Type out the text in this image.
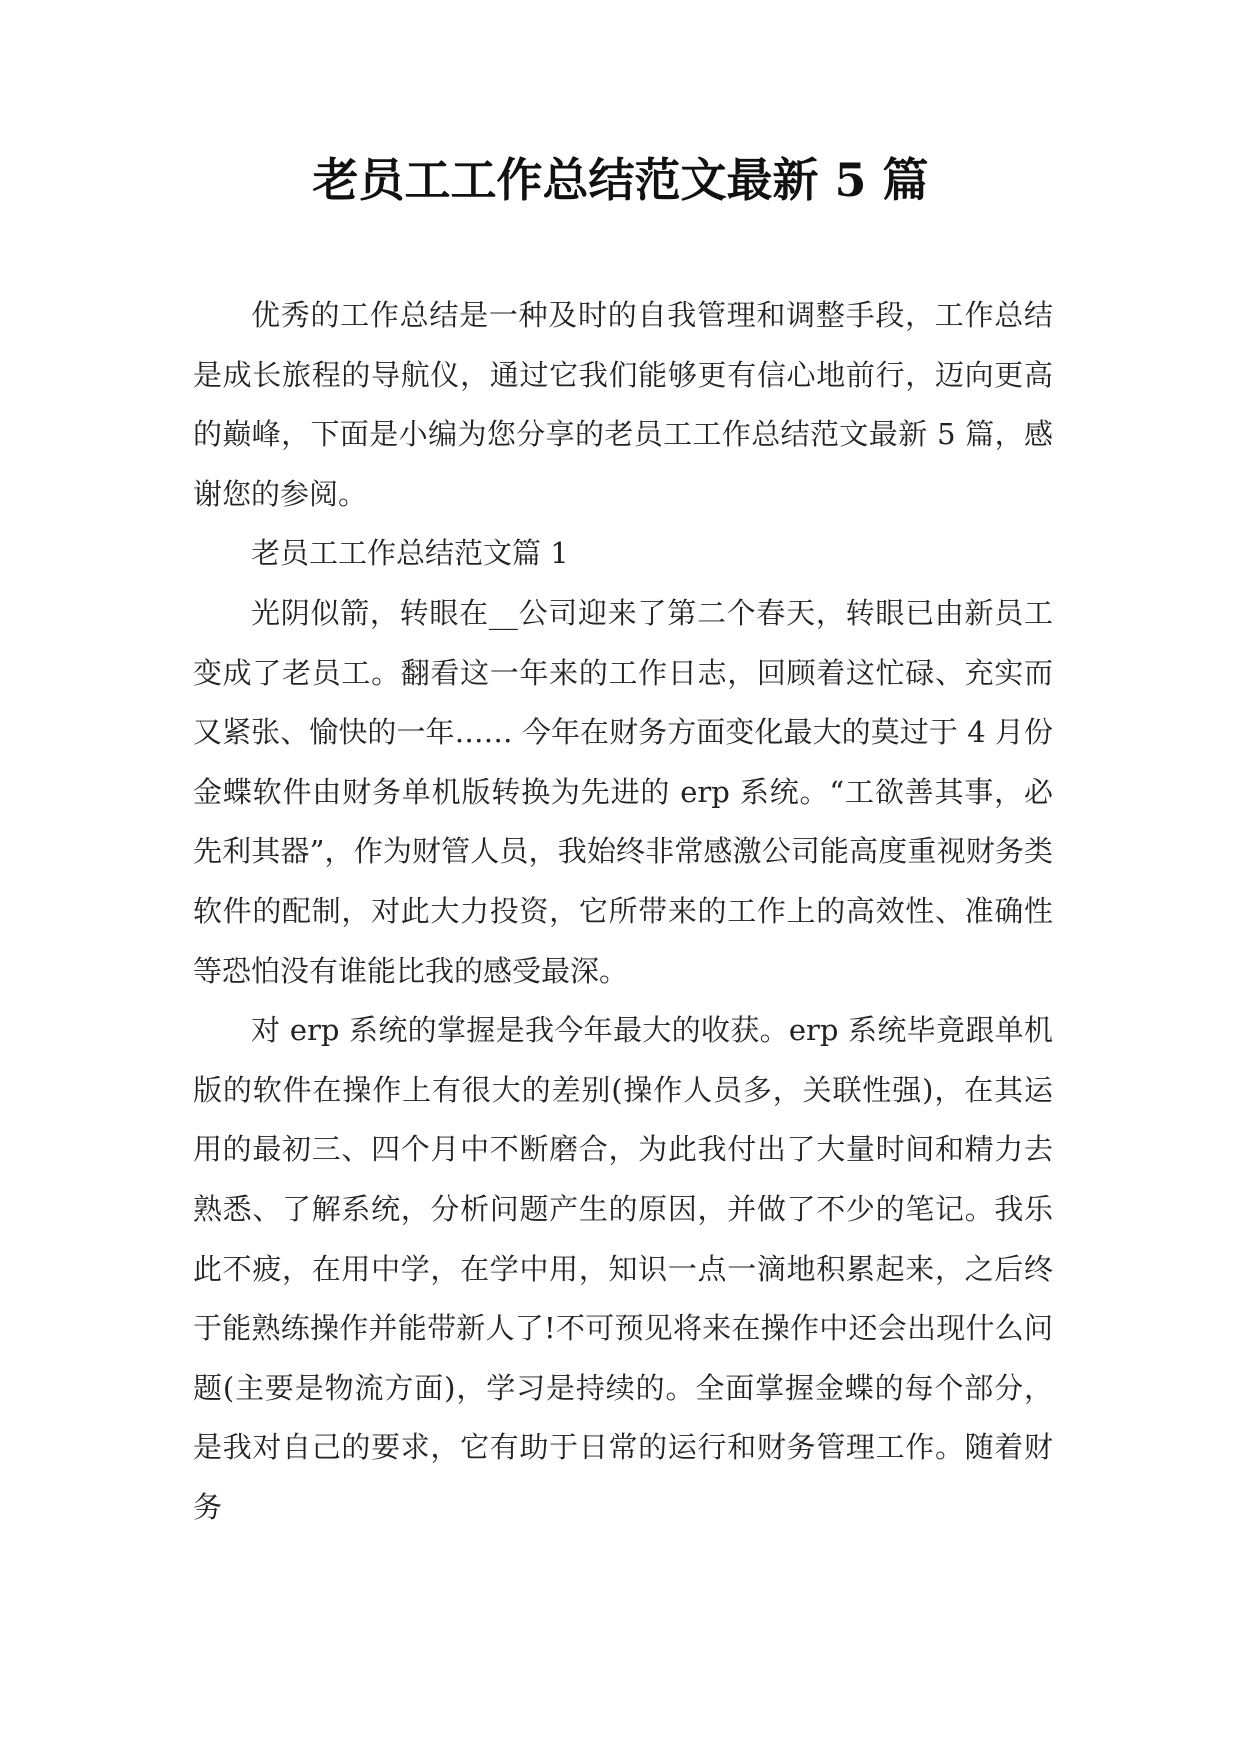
老员工工作总结范文最新 5 篇

优秀的工作总结是一种及时的自我管理和调整手段，工作总结是成长旅程的导航仪，通过它我们能够更有信心地前行，迈向更高的巅峰，下面是小编为您分享的老员工工作总结范文最新 5 篇，感谢您的参阅。

老员工工作总结范文篇 1

光阴似箭，转眼在__公司迎来了第二个春天，转眼已由新员工变成了老员工。翻看这一年来的工作日志，回顾着这忙碌、充实而又紧张、愉快的一年…… 今年在财务方面变化最大的莫过于 4 月份金蝶软件由财务单机版转换为先进的 erp 系统。“工欲善其事，必先利其器”，作为财管人员，我始终非常感激公司能高度重视财务类软件的配制，对此大力投资，它所带来的工作上的高效性、准确性等恐怕没有谁能比我的感受最深。

对 erp 系统的掌握是我今年最大的收获。erp 系统毕竟跟单机版的软件在操作上有很大的差别(操作人员多，关联性强)，在其运用的最初三、四个月中不断磨合，为此我付出了大量时间和精力去熟悉、了解系统，分析问题产生的原因，并做了不少的笔记。我乐此不疲，在用中学，在学中用，知识一点一滴地积累起来，之后终于能熟练操作并能带新人了!不可预见将来在操作中还会出现什么问题(主要是物流方面)，学习是持续的。全面掌握金蝶的每个部分，是我对自己的要求，它有助于日常的运行和财务管理工作。随着财务
